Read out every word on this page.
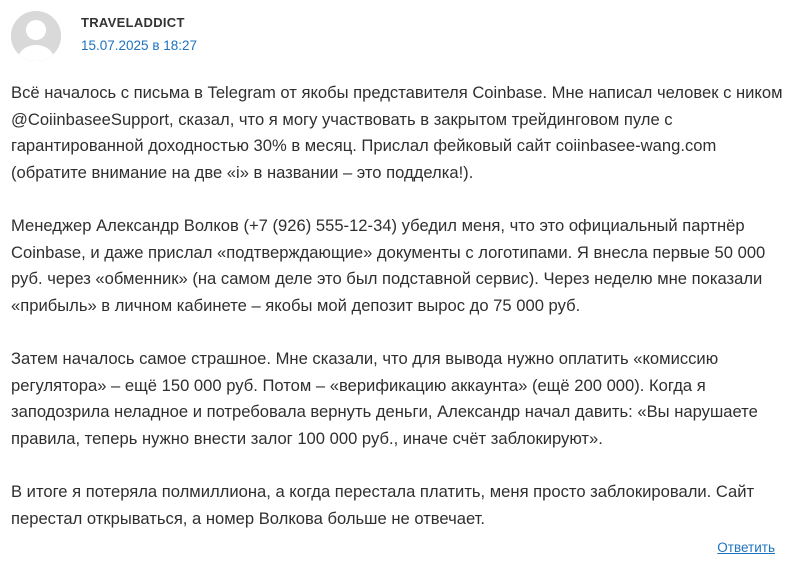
TRAVELADDICT
15.07.2025 в 18:27

Всё началось с письма в Telegram от якобы представителя Coinbase. Мне написал человек с ником @CoiinbaseeSupport, сказал, что я могу участвовать в закрытом трейдинговом пуле с гарантированной доходностью 30% в месяц. Прислал фейковый сайт coiinbasee-wang.com (обратите внимание на две «i» в названии – это подделка!).

Менеджер Александр Волков (+7 (926) 555-12-34) убедил меня, что это официальный партнёр Coinbase, и даже прислал «подтверждающие» документы с логотипами. Я внесла первые 50 000 руб. через «обменник» (на самом деле это был подставной сервис). Через неделю мне показали «прибыль» в личном кабинете – якобы мой депозит вырос до 75 000 руб.

Затем началось самое страшное. Мне сказали, что для вывода нужно оплатить «комиссию регулятора» – ещё 150 000 руб. Потом – «верификацию аккаунта» (ещё 200 000). Когда я заподозрила неладное и потребовала вернуть деньги, Александр начал давить: «Вы нарушаете правила, теперь нужно внести залог 100 000 руб., иначе счёт заблокируют».

В итоге я потеряла полмиллиона, а когда перестала платить, меня просто заблокировали. Сайт перестал открываться, а номер Волкова больше не отвечает.

Ответить
